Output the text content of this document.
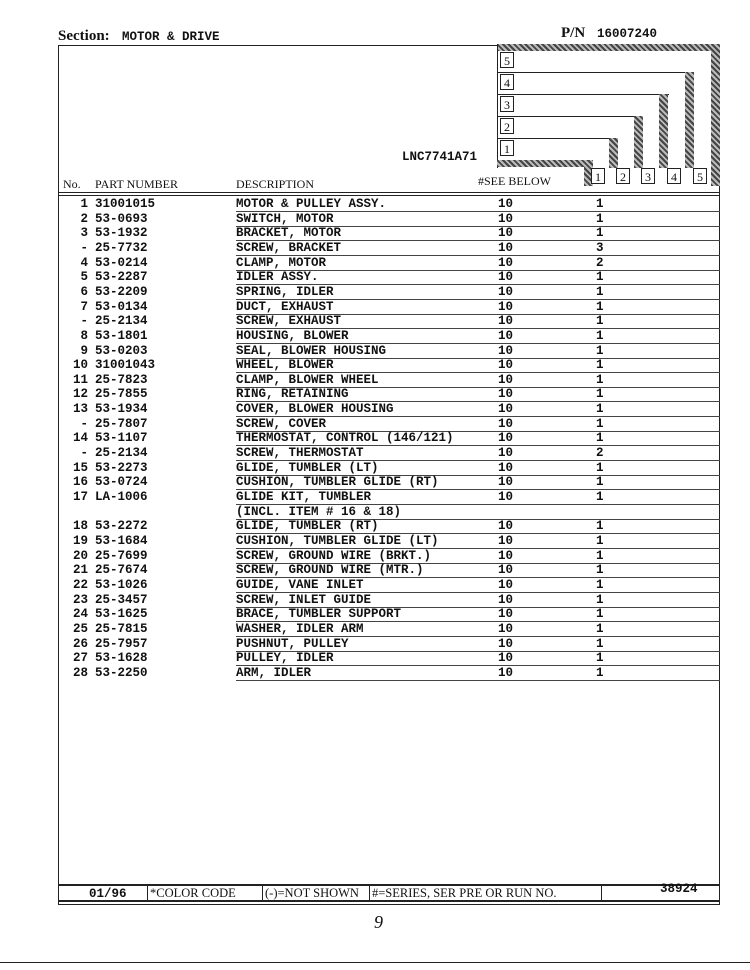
Section: MOTOR & DRIVE	P/N 16007240
5
4
3
2
1
1	2	3	4	5
LNC7741A71
No. PART NUMBER	DESCRIPTION	#SEE BELOW
1 31001015	MOTOR & PULLEY ASSY.	10	1
2 53-0693	SWITCH, MOTOR	10	1
3 53-1932	BRACKET, MOTOR	10	1
- 25-7732	SCREW, BRACKET	10	3
4 53-0214	CLAMP, MOTOR	10	2
5 53-2287	IDLER ASSY.	10	1
6 53-2209	SPRING, IDLER	10	1
7 53-0134	DUCT, EXHAUST	10	1
- 25-2134	SCREW, EXHAUST	10	1
8 53-1801	HOUSING, BLOWER	10	1
9 53-0203	SEAL, BLOWER HOUSING	10	1
10 31001043	WHEEL, BLOWER	10	1
11 25-7823	CLAMP, BLOWER WHEEL	10	1
12 25-7855	RING, RETAINING	10	1
13 53-1934	COVER, BLOWER HOUSING	10	1
- 25-7807	SCREW, COVER	10	1
14 53-1107	THERMOSTAT, CONTROL (146/121)	10	1
- 25-2134	SCREW, THERMOSTAT	10	2
15 53-2273	GLIDE, TUMBLER (LT)	10	1
16 53-0724	CUSHION, TUMBLER GLIDE (RT)	10	1
17 LA-1006	GLIDE KIT, TUMBLER	10	1
(INCL. ITEM # 16 & 18)
18 53-2272	GLIDE, TUMBLER (RT)	10	1
19 53-1684	CUSHION, TUMBLER GLIDE (LT)	10	1
20 25-7699	SCREW, GROUND WIRE (BRKT.)	10	1
21 25-7674	SCREW, GROUND WIRE (MTR.)	10	1
22 53-1026	GUIDE, VANE INLET	10	1
23 25-3457	SCREW, INLET GUIDE	10	1
24 53-1625	BRACE, TUMBLER SUPPORT	10	1
25 25-7815	WASHER, IDLER ARM	10	1
26 25-7957	PUSHNUT, PULLEY	10	1
27 53-1628	PULLEY, IDLER	10	1
28 53-2250	ARM, IDLER	10	1
01/96 *COLOR CODE (-)=NOT SHOWN #=SERIES, SER PRE OR RUN NO.	38924
9
